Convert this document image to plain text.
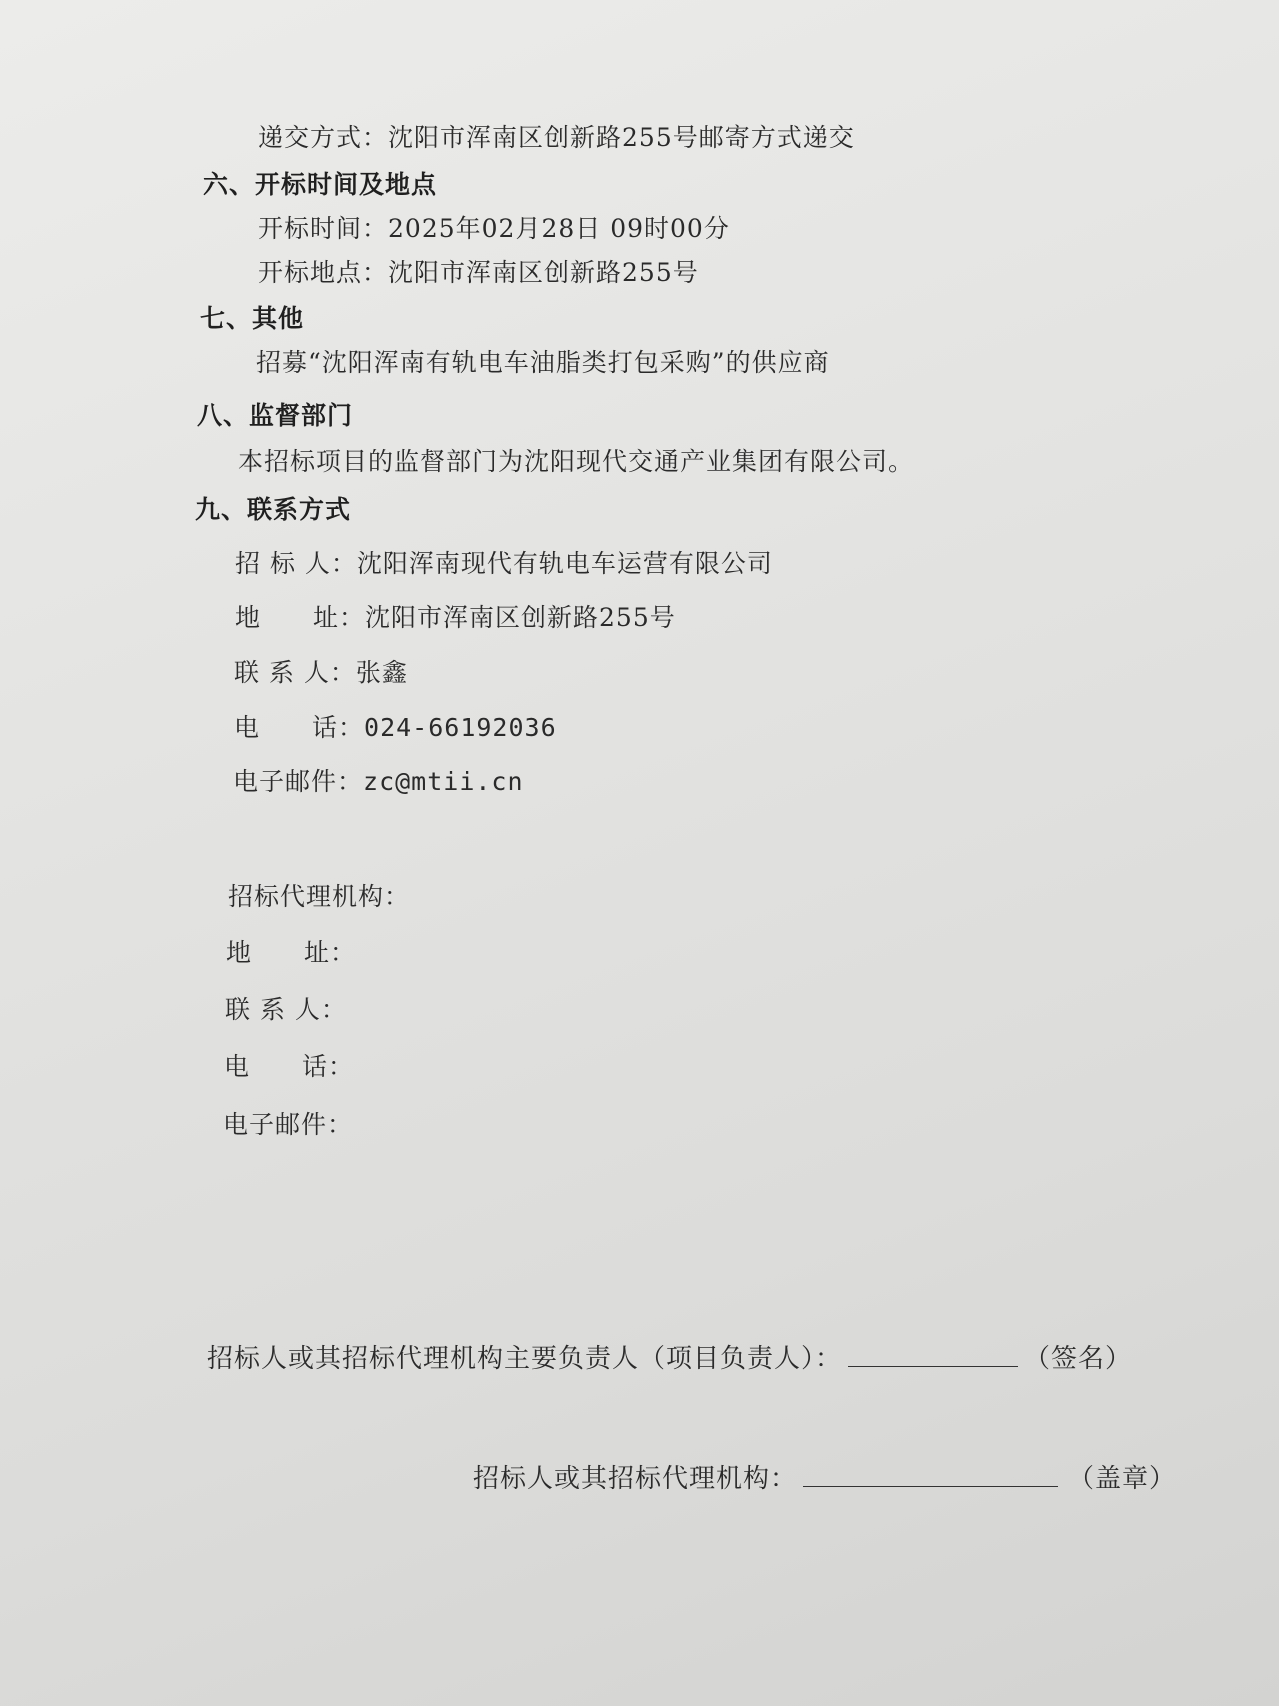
递交方式：沈阳市浑南区创新路255号邮寄方式递交
六、开标时间及地点
开标时间：2025年02月28日 09时00分
开标地点：沈阳市浑南区创新路255号
七、其他
招募“沈阳浑南有轨电车油脂类打包采购”的供应商
八、监督部门
本招标项目的监督部门为沈阳现代交通产业集团有限公司。
九、联系方式
招 标 人：沈阳浑南现代有轨电车运营有限公司
地　　址：沈阳市浑南区创新路255号
联 系 人：张鑫
电　　话：024-66192036
电子邮件：zc@mtii.cn
招标代理机构：
地　　址：
联 系 人：
电　　话：
电子邮件：
招标人或其招标代理机构主要负责人（项目负责人）：	（签名）
招标人或其招标代理机构：	（盖章）
